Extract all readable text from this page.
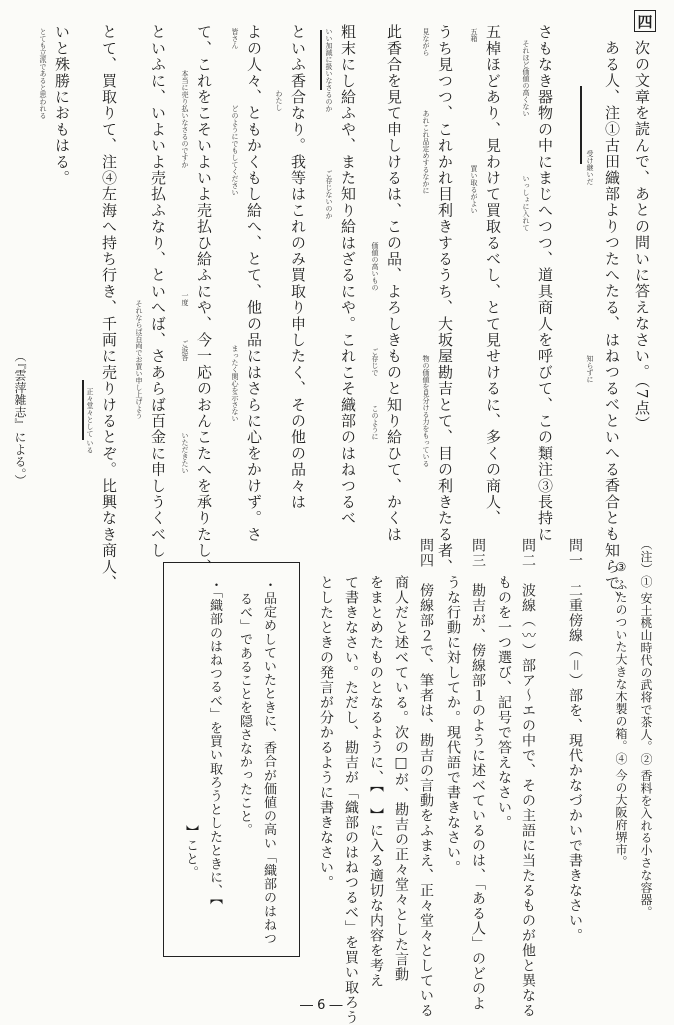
四
次の文章を読んで、あとの問いに答えなさい。（7点）
ある人、注①古田織部よりつたへたる、はねつるべといへる香合とも知らで、
さもなき器物の中にまじへつつ、道具商人を呼びて、この類注③長持に
五棹ほどあり、見わけて買取るべし、とて見せけるに、多くの商人、
うち見つつ、これかれ目利きするうち、大坂屋勘吉とて、目の利きたる者、
此香合を見て申しけるは、この品、よろしきものと知り給ひて、かくは
粗末にし給ふや、また知り給はざるにや。これこそ織部のはねつるべ
といふ香合なり。我等はこれのみ買取り申したく、その他の品々は
よの人々、ともかくもし給へ、とて、他の品にはさらに心をかけず。さ
て、これをこそいよいよ売払ひ給ふにや、今一応のおんこたへを承りたし、
といふに、いよいよ売払ふなり、といへば、さあらば百金に申しうくべし
とて、買取りて、注④左海へ持ち行き、千両に売りけるとぞ。比興なき商人、
いと殊勝におもはる。	受け継いだ
知らずに
それほど価値の高くない
いっしょに入れて
五箱
買い取るがよい
見ながら
あれこれ品定めするなかに
物の価値を見分ける力をもっている
価値の高いもの
ご存じで
このように
いい加減に扱いなさるのか
ご存じないのか
わたし
皆さん
どのようにでもしてください
まったく関心を示さない
本当に売り払いなさるのですか
一度
ご返答
いただきたい
それならば百両でお買い申し上げよう
正々堂々として いる
とても立派であると思われる
（『雲萍雑志』による。）
（注）① 安土桃山時代の武将で茶人。② 香料を入れる小さな容器。
③ ふたのついた大きな木製の箱。④ 今の大阪府堺市。
問一　二重傍線（＝）部を、現代かなづかいで書きなさい。
問二　波線（〰）部ア～エの中で、その主語に当たるものが他と異なる
ものを一つ選び、記号で答えなさい。
問三　勘吉が、傍線部１のように述べているのは、「ある人」のどのよ
うな行動に対してか。現代語で書きなさい。
問四　傍線部２で、筆者は、勘吉の言動をふまえ、正々堂々としている
商人だと述べている。次の□が、勘吉の正々堂々とした言動
をまとめたものとなるように、【　】に入る適切な内容を考え
て書きなさい。ただし、勘吉が「織部のはねつるべ」を買い取ろう
としたときの発言が分かるように書きなさい。
・品定めしていたときに、香合が価値の高い「織部のはねつ
るべ」であることを隠さなかったこと。
・「織部のはねつるべ」を買い取ろうとしたときに、【
】こと。
― 6 ―
